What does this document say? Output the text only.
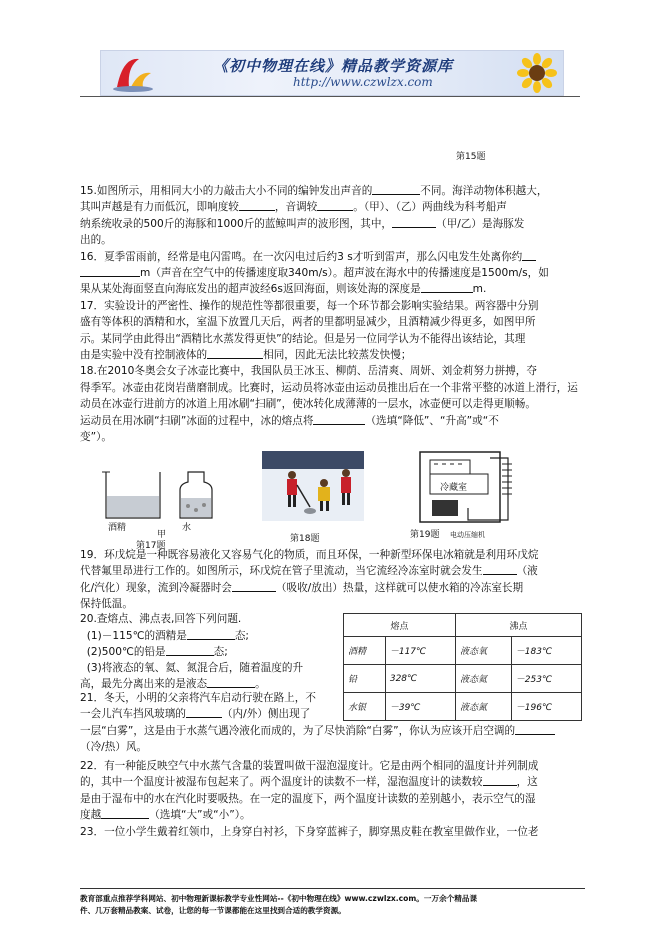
《初中物理在线》精品教学资源库
http://www.czwlzx.com
第15题

15.如图所示，用相同大小的力敲击大小不同的编钟发出声音的	不同。海洋动物体积越大，
其叫声越是有力而低沉，即响度较	，音调较	。（甲）、（乙）两曲线为科考船声
纳系统收录的500斤的海豚和1000斤的蓝鲸叫声的波形图，其中，	（甲/乙）是海豚发
出的。

16．夏季雷雨前，经常是电闪雷鸣。在一次闪电过后约3 s才听到雷声，那么闪电发生处离你约
m（声音在空气中的传播速度取340m/s）。超声波在海水中的传播速度是1500m/s，如
果从某处海面竖直向海底发出的超声波经6s返回海面，则该处海的深度是	m.

17．实验设计的严密性、操作的规范性等都很重要，每一个环节都会影响实验结果。两容器中分别
盛有等体积的酒精和水，室温下放置几天后，两者的里都明显减少，且酒精减少得更多，如图甲所
示。某同学由此得出“酒精比水蒸发得更快”的结论。但是另一位同学认为不能得出该结论，其理
由是实验中没有控制液体的	相同，因此无法比较蒸发快慢；

18.在2010冬奥会女子冰壶比赛中，我国队员王冰玉、柳荫、岳清爽、周妍、刘金莉努力拼搏，夺
得季军。冰壶由花岗岩凿磨制成。比赛时，运动员将冰壶由运动员推出后在一个非常平整的冰道上滑行，运
动员在冰壶行进前方的冰道上用冰刷“扫刷”，使冰转化成薄薄的一层水，冰壶便可以走得更顺畅。
运动员在用冰刷“扫刷”冰面的过程中，冰的熔点将	（选填“降低”、“升高”或“不
变”）。

酒精
甲
水
第17题
第18题
冷藏室
第19题 电动压缩机

19．环戊烷是一种既容易液化又容易气化的物质，而且环保，一种新型环保电冰箱就是利用环戊烷
代替氟里昂进行工作的。如图所示，环戊烷在管子里流动，当它流经冷冻室时就会发生	（液
化/汽化）现象，流到冷凝器时会	（吸收/放出）热量，这样就可以使水箱的冷冻室长期
保持低温。

20.查熔点、沸点表,回答下列问题.
(1)－115℃的酒精是	态;
(2)500℃的铅是	态;
(3)将液态的氧、氦、氮混合后，随着温度的升
高，最先分离出来的是液态	。

熔点		沸点	
酒精	－117℃	液态氧	－183℃
铅	328℃	液态氦	－253℃
水银	－39℃	液态氮	－196℃

21．冬天，小明的父亲将汽车启动行驶在路上，不
一会儿汽车挡风玻璃的	（内/外）侧出现了
一层“白雾”，这是由于水蒸气遇冷液化而成的，为了尽快消除“白雾”，你认为应该开启空调的
（冷/热）风。

22．有一种能反映空气中水蒸气含量的装置叫做干湿泡湿度计。它是由两个相同的温度计并列制成
的，其中一个温度计被湿布包起来了。两个温度计的读数不一样，湿泡温度计的读数较	，这
是由于湿布中的水在汽化时要吸热。在一定的温度下，两个温度计读数的差别越小，表示空气的湿
度越	（选填“大”或“小”）。

23．一位小学生戴着红领巾，上身穿白衬衫，下身穿蓝裤子，脚穿黑皮鞋在教室里做作业，一位老

教育部重点推荐学科网站、初中物理新课标教学专业性网站--《初中物理在线》www.czwlzx.com。一万余个精品课
件、几万套精品教案、试卷，让您的每一节课都能在这里找到合适的教学资源。
